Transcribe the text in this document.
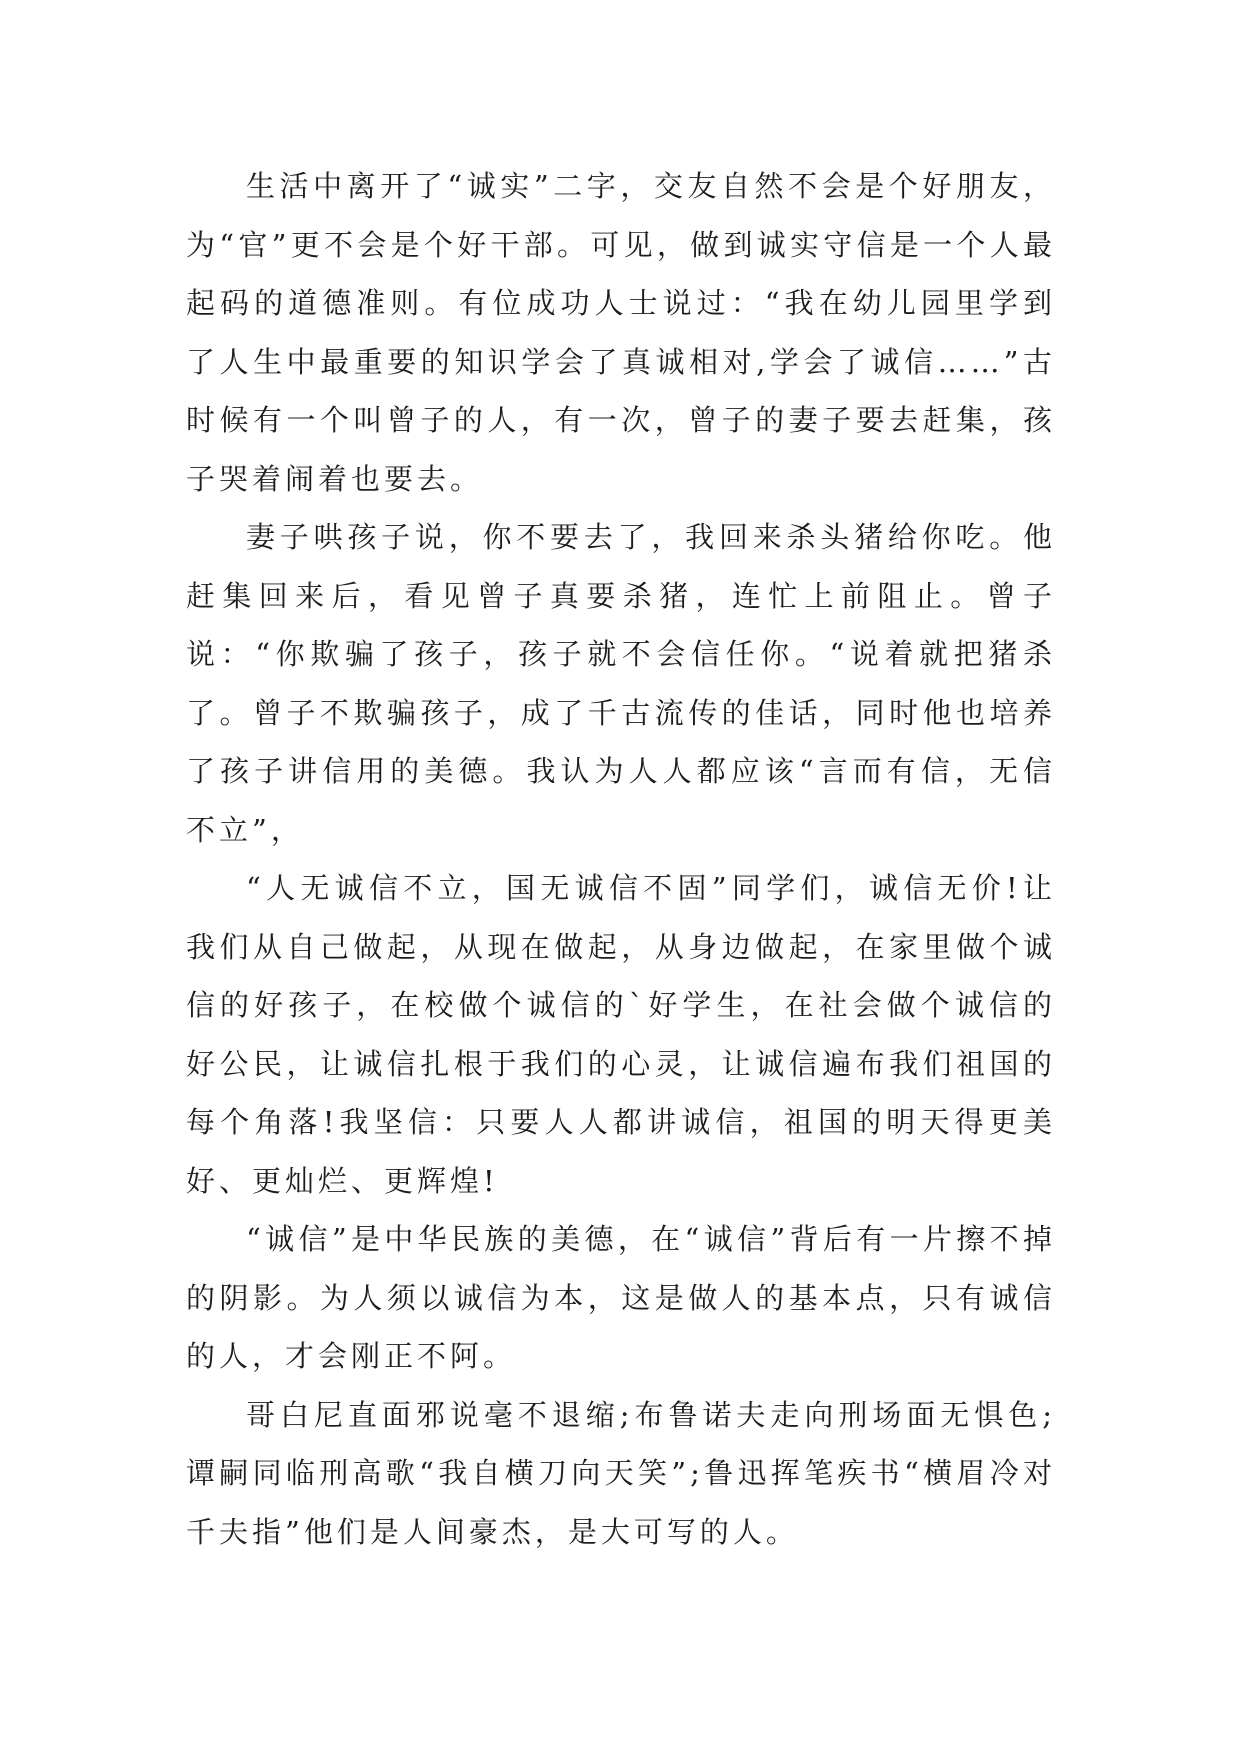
生活中离开了“诚实”二字，交友自然不会是个好朋友，为“官”更不会是个好干部。可见，做到诚实守信是一个人最起码的道德准则。有位成功人士说过：“我在幼儿园里学到了人生中最重要的知识学会了真诚相对,学会了诚信……”古时候有一个叫曾子的人，有一次，曾子的妻子要去赶集，孩子哭着闹着也要去。

妻子哄孩子说，你不要去了，我回来杀头猪给你吃。他赶集回来后，看见曾子真要杀猪，连忙上前阻止。曾子说：“你欺骗了孩子，孩子就不会信任你。“说着就把猪杀了。曾子不欺骗孩子，成了千古流传的佳话，同时他也培养了孩子讲信用的美德。我认为人人都应该“言而有信，无信不立”，

“人无诚信不立，国无诚信不固”同学们，诚信无价!让我们从自己做起，从现在做起，从身边做起，在家里做个诚信的好孩子，在校做个诚信的`好学生，在社会做个诚信的好公民，让诚信扎根于我们的心灵，让诚信遍布我们祖国的每个角落!我坚信：只要人人都讲诚信，祖国的明天得更美好、更灿烂、更辉煌!

“诚信”是中华民族的美德，在“诚信”背后有一片擦不掉的阴影。为人须以诚信为本，这是做人的基本点，只有诚信的人，才会刚正不阿。

哥白尼直面邪说毫不退缩;布鲁诺夫走向刑场面无惧色;谭嗣同临刑高歌“我自横刀向天笑”;鲁迅挥笔疾书“横眉冷对千夫指”他们是人间豪杰，是大可写的人。
